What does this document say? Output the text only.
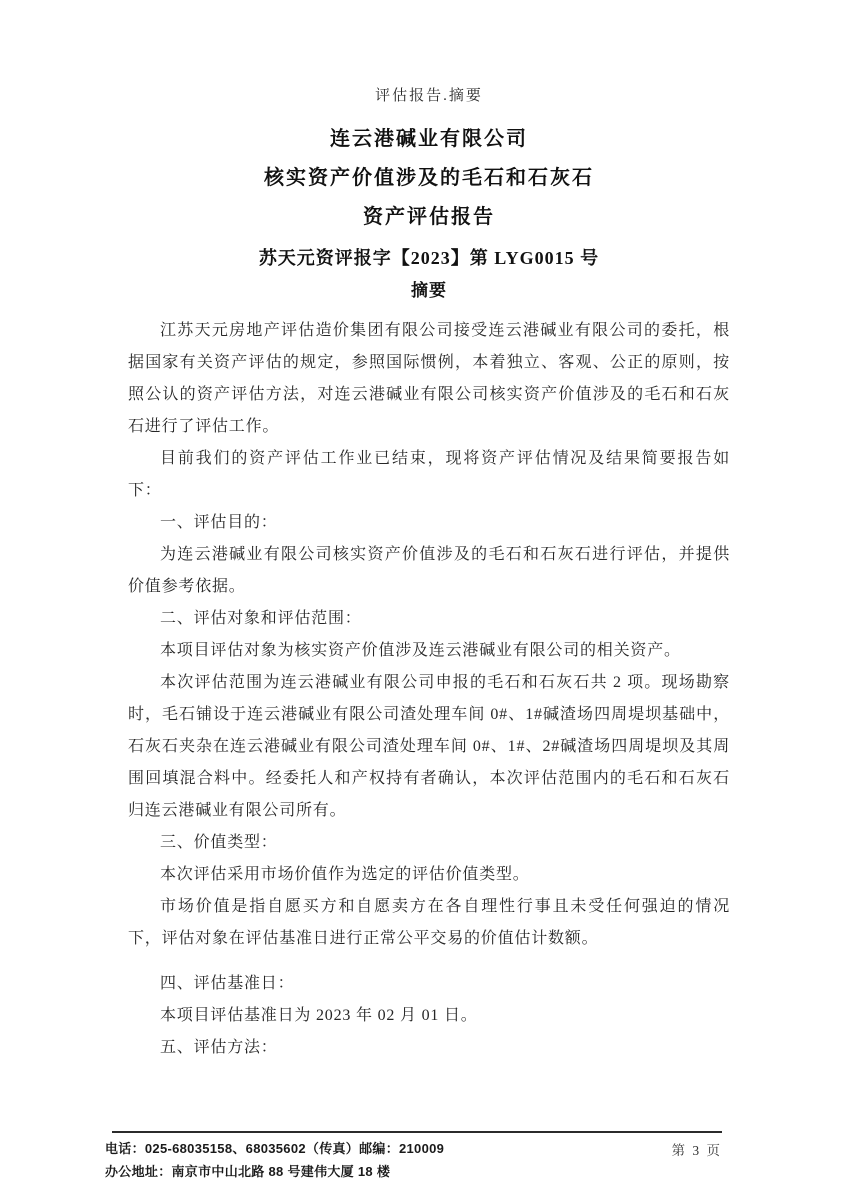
评估报告.摘要
连云港碱业有限公司
核实资产价值涉及的毛石和石灰石
资产评估报告
苏天元资评报字【2023】第 LYG0015 号
摘要

江苏天元房地产评估造价集团有限公司接受连云港碱业有限公司的委托，根据国家有关资产评估的规定，参照国际惯例，本着独立、客观、公正的原则，按照公认的资产评估方法，对连云港碱业有限公司核实资产价值涉及的毛石和石灰石进行了评估工作。

目前我们的资产评估工作业已结束，现将资产评估情况及结果简要报告如下：

一、评估目的：

为连云港碱业有限公司核实资产价值涉及的毛石和石灰石进行评估，并提供价值参考依据。

二、评估对象和评估范围：

本项目评估对象为核实资产价值涉及连云港碱业有限公司的相关资产。

本次评估范围为连云港碱业有限公司申报的毛石和石灰石共 2 项。现场勘察时，毛石铺设于连云港碱业有限公司渣处理车间 0#、1#碱渣场四周堤坝基础中，石灰石夹杂在连云港碱业有限公司渣处理车间 0#、1#、2#碱渣场四周堤坝及其周围回填混合料中。经委托人和产权持有者确认，本次评估范围内的毛石和石灰石归连云港碱业有限公司所有。

三、价值类型：

本次评估采用市场价值作为选定的评估价值类型。

市场价值是指自愿买方和自愿卖方在各自理性行事且未受任何强迫的情况下，评估对象在评估基准日进行正常公平交易的价值估计数额。

四、评估基准日：

本项目评估基准日为 2023 年 02 月 01 日。

五、评估方法：

电话：025-68035158、68035602（传真）邮编：210009
办公地址：南京市中山北路 88 号建伟大厦 18 楼
第 3 页
